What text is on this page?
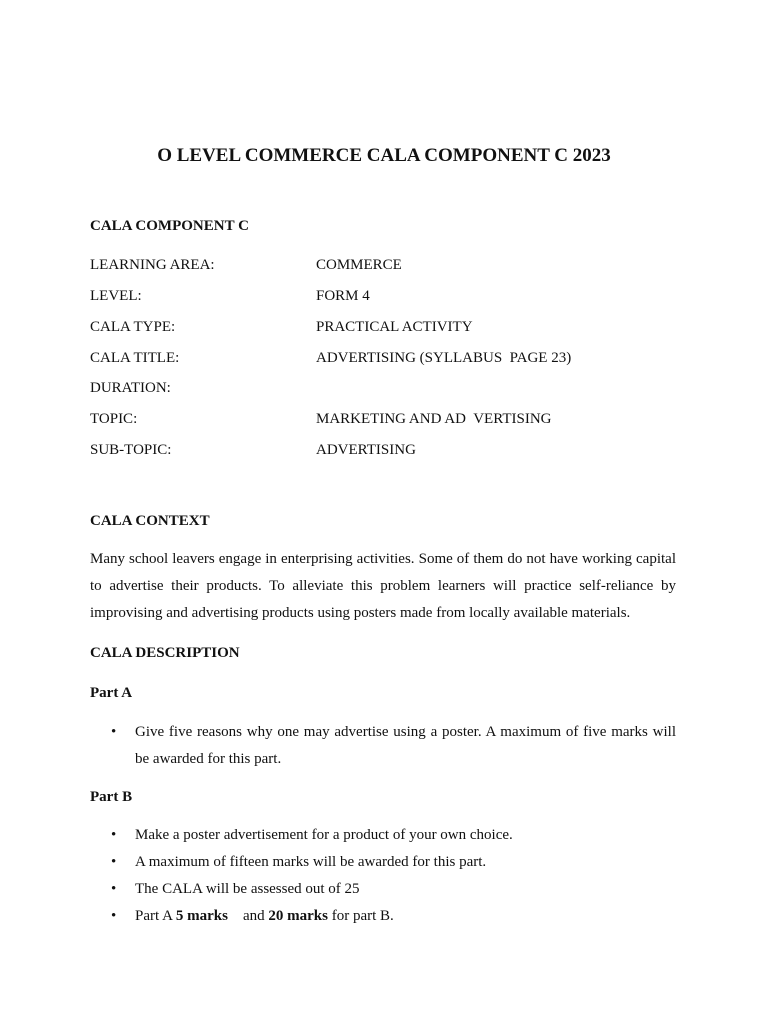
O LEVEL COMMERCE CALA COMPONENT C 2023
CALA COMPONENT C
LEARNING AREA:	COMMERCE
LEVEL:	FORM 4
CALA TYPE:	PRACTICAL ACTIVITY
CALA TITLE:	ADVERTISING (SYLLABUS  PAGE 23)
DURATION:
TOPIC:	MARKETING AND AD  VERTISING
SUB-TOPIC:	ADVERTISING
CALA CONTEXT

Many school leavers engage in enterprising activities. Some of them do not have working capital to advertise their products. To alleviate this problem learners will practice self-reliance by improvising and advertising products using posters made from locally available materials.

CALA DESCRIPTION
Part A
• Give five reasons why one may advertise using a poster. A maximum of five marks will be awarded for this part.
Part B
• Make a poster advertisement for a product of your own choice.
• A maximum of fifteen marks will be awarded for this part.
• The CALA will be assessed out of 25
• Part A 5 marks    and 20 marks for part B.
